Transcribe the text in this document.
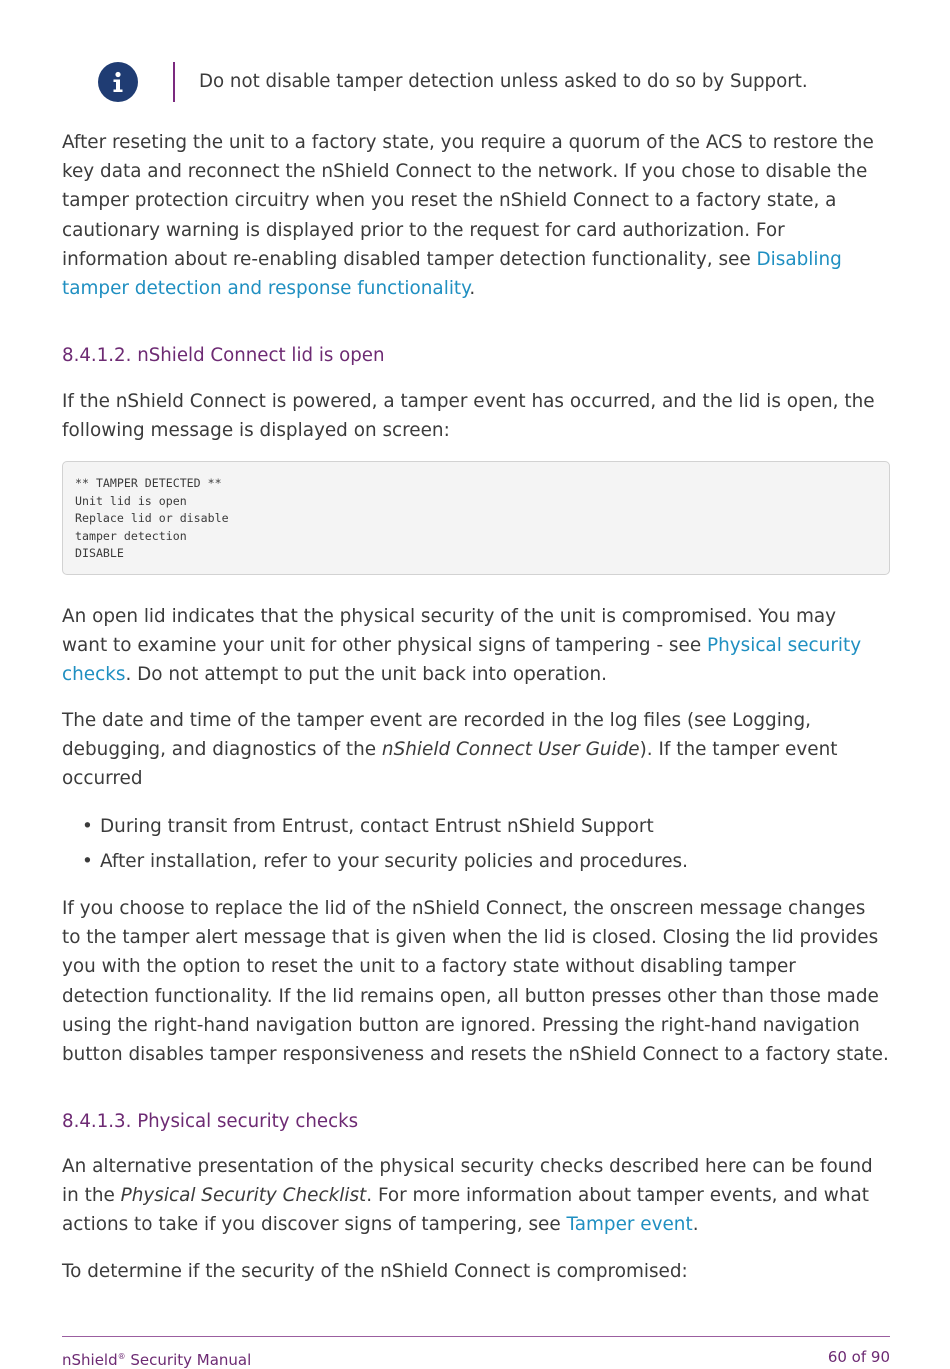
Do not disable tamper detection unless asked to do so by Support.
After reseting the unit to a factory state, you require a quorum of the ACS to restore the
key data and reconnect the nShield Connect to the network. If you chose to disable the
tamper protection circuitry when you reset the nShield Connect to a factory state, a
cautionary warning is displayed prior to the request for card authorization. For
information about re-enabling disabled tamper detection functionality, see Disabling
tamper detection and response functionality.
8.4.1.2. nShield Connect lid is open
If the nShield Connect is powered, a tamper event has occurred, and the lid is open, the
following message is displayed on screen:
** TAMPER DETECTED **
Unit lid is open
Replace lid or disable
tamper detection
DISABLE
An open lid indicates that the physical security of the unit is compromised. You may
want to examine your unit for other physical signs of tampering - see Physical security
checks. Do not attempt to put the unit back into operation.
The date and time of the tamper event are recorded in the log files (see Logging,
debugging, and diagnostics of the nShield Connect User Guide). If the tamper event
occurred
• During transit from Entrust, contact Entrust nShield Support
• After installation, refer to your security policies and procedures.
If you choose to replace the lid of the nShield Connect, the onscreen message changes
to the tamper alert message that is given when the lid is closed. Closing the lid provides
you with the option to reset the unit to a factory state without disabling tamper
detection functionality. If the lid remains open, all button presses other than those made
using the right-hand navigation button are ignored. Pressing the right-hand navigation
button disables tamper responsiveness and resets the nShield Connect to a factory state.
8.4.1.3. Physical security checks
An alternative presentation of the physical security checks described here can be found
in the Physical Security Checklist. For more information about tamper events, and what
actions to take if you discover signs of tampering, see Tamper event.
To determine if the security of the nShield Connect is compromised:
nShield® Security Manual	60 of 90
